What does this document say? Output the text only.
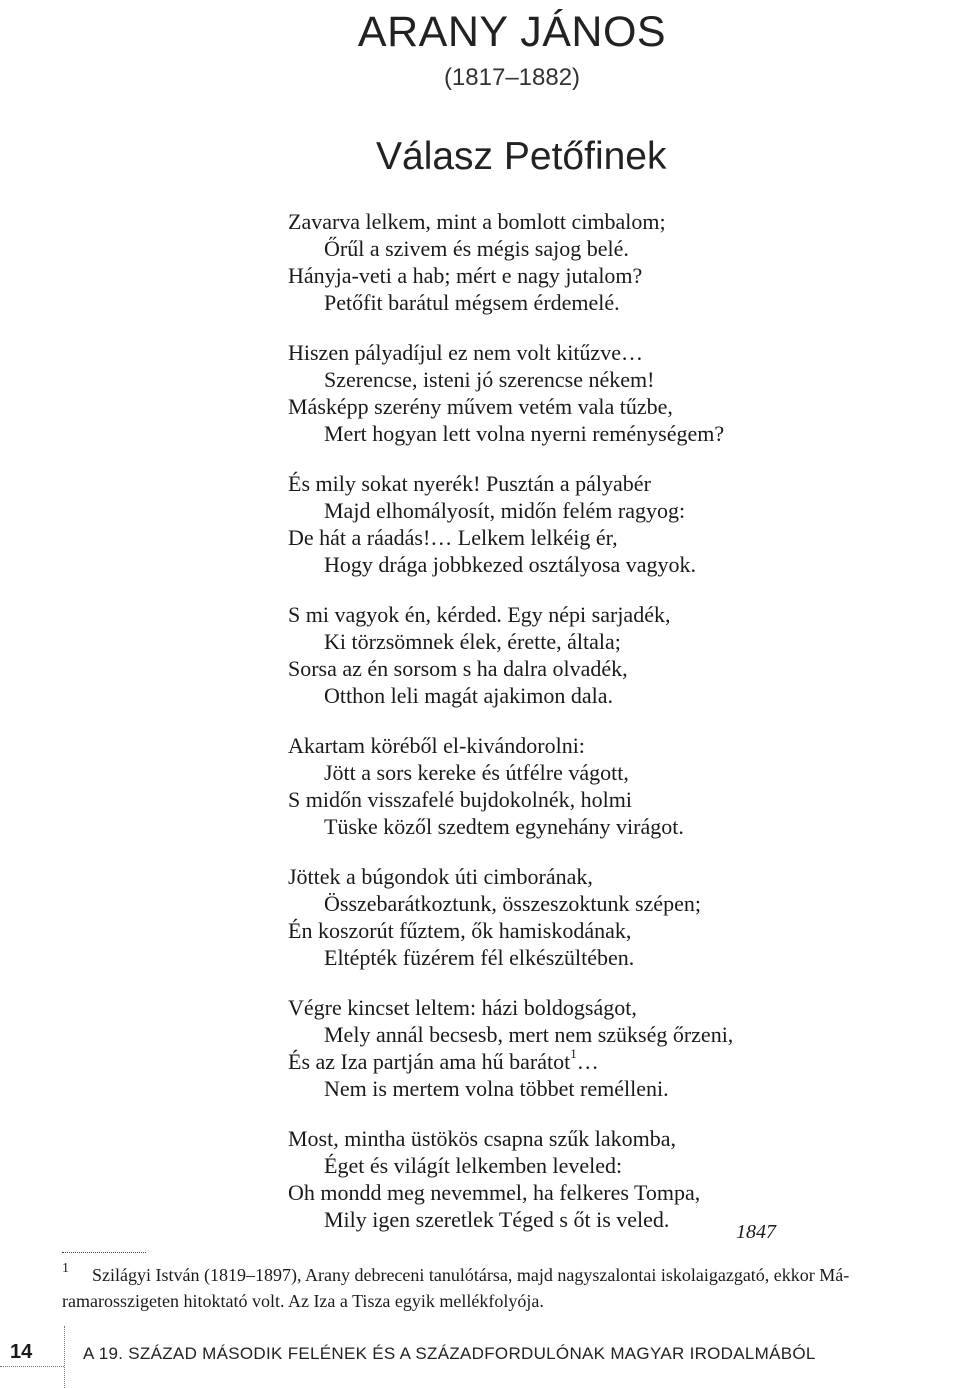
ARANY JÁNOS
(1817–1882)
Válasz Petőfinek
Zavarva lelkem, mint a bomlott cimbalom;
Őrűl a szivem és mégis sajog belé.
Hányja-veti a hab; mért e nagy jutalom?
Petőfit barátul mégsem érdemelé.
Hiszen pályadíjul ez nem volt kitűzve…
Szerencse, isteni jó szerencse nékem!
Másképp szerény művem vetém vala tűzbe,
Mert hogyan lett volna nyerni reménységem?
És mily sokat nyerék! Pusztán a pályabér
Majd elhomályosít, midőn felém ragyog:
De hát a ráadás!… Lelkem lelkéig ér,
Hogy drága jobbkezed osztályosa vagyok.
S mi vagyok én, kérded. Egy népi sarjadék,
Ki törzsömnek élek, érette, általa;
Sorsa az én sorsom s ha dalra olvadék,
Otthon leli magát ajakimon dala.
Akartam köréből el-kivándorolni:
Jött a sors kereke és útfélre vágott,
S midőn visszafelé bujdokolnék, holmi
Tüske közől szedtem egynehány virágot.
Jöttek a búgondok úti cimborának,
Összebarátkoztunk, összeszoktunk szépen;
Én koszorút fűztem, ők hamiskodának,
Eltépték füzérem fél elkészültében.
Végre kincset leltem: házi boldogságot,
Mely annál becsesb, mert nem szükség őrzeni,
És az Iza partján ama hű barátot$^1$…
Nem is mertem volna többet remélleni.
Most, mintha üstökös csapna szűk lakomba,
Éget és világít lelkemben leveled:
Oh mondd meg nevemmel, ha felkeres Tompa,
Mily igen szeretlek Téged s őt is veled.	1847
1 Szilágyi István (1819–1897), Arany debreceni tanulótársa, majd nagyszalontai iskolaigazgató, ekkor Má-
ramarosszigeten hitoktató volt. Az Iza a Tisza egyik mellékfolyója.
14	A 19. SZÁZAD MÁSODIK FELÉNEK ÉS A SZÁZADFORDULÓNAK MAGYAR IRODALMÁBÓL
